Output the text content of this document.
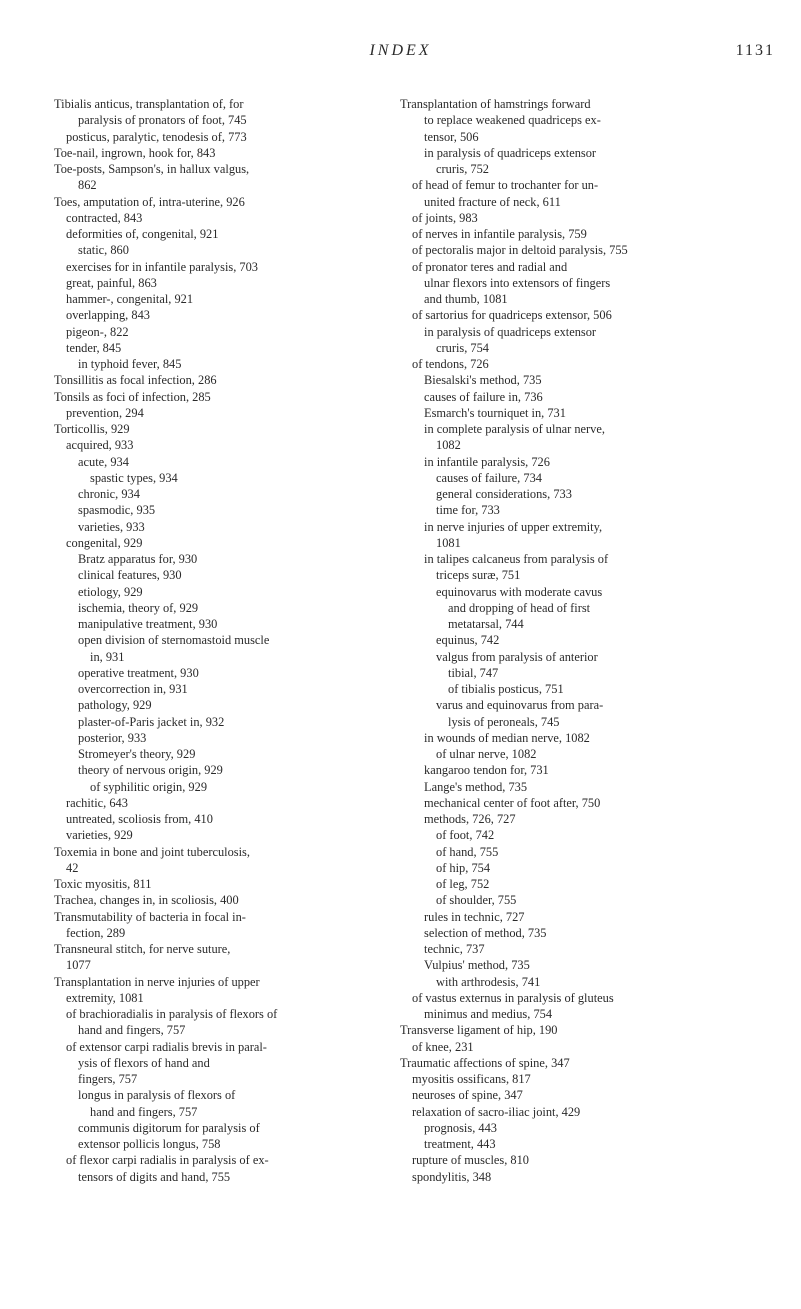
INDEX	1131
Tibialis anticus, transplantation of, for
paralysis of pronators of foot, 745
posticus, paralytic, tenodesis of, 773
Toe-nail, ingrown, hook for, 843
Toe-posts, Sampson's, in hallux valgus,
862
Toes, amputation of, intra-uterine, 926
contracted, 843
deformities of, congenital, 921
static, 860
exercises for in infantile paralysis, 703
great, painful, 863
hammer-, congenital, 921
overlapping, 843
pigeon-, 822
tender, 845
in typhoid fever, 845
Tonsillitis as focal infection, 286
Tonsils as foci of infection, 285
prevention, 294
Torticollis, 929
acquired, 933
acute, 934
spastic types, 934
chronic, 934
spasmodic, 935
varieties, 933
congenital, 929
Bratz apparatus for, 930
clinical features, 930
etiology, 929
ischemia, theory of, 929
manipulative treatment, 930
open division of sternomastoid muscle
in, 931
operative treatment, 930
overcorrection in, 931
pathology, 929
plaster-of-Paris jacket in, 932
posterior, 933
Stromeyer's theory, 929
theory of nervous origin, 929
of syphilitic origin, 929
rachitic, 643
untreated, scoliosis from, 410
varieties, 929
Toxemia in bone and joint tuberculosis,
42
Toxic myositis, 811
Trachea, changes in, in scoliosis, 400
Transmutability of bacteria in focal in-
fection, 289
Transneural stitch, for nerve suture,
1077
Transplantation in nerve injuries of upper
extremity, 1081
of brachioradialis in paralysis of flexors of
hand and fingers, 757
of extensor carpi radialis brevis in paral-
ysis of flexors of hand and
fingers, 757
longus in paralysis of flexors of
hand and fingers, 757
communis digitorum for paralysis of
extensor pollicis longus, 758
of flexor carpi radialis in paralysis of ex-
tensors of digits and hand, 755
Transplantation of hamstrings forward
to replace weakened quadriceps ex-
tensor, 506
in paralysis of quadriceps extensor
cruris, 752
of head of femur to trochanter for un-
united fracture of neck, 611
of joints, 983
of nerves in infantile paralysis, 759
of pectoralis major in deltoid paralysis, 755
of pronator teres and radial and
ulnar flexors into extensors of fingers
and thumb, 1081
of sartorius for quadriceps extensor, 506
in paralysis of quadriceps extensor
cruris, 754
of tendons, 726
Biesalski's method, 735
causes of failure in, 736
Esmarch's tourniquet in, 731
in complete paralysis of ulnar nerve,
1082
in infantile paralysis, 726
causes of failure, 734
general considerations, 733
time for, 733
in nerve injuries of upper extremity,
1081
in talipes calcaneus from paralysis of
triceps suræ, 751
equinovarus with moderate cavus
and dropping of head of first
metatarsal, 744
equinus, 742
valgus from paralysis of anterior
tibial, 747
of tibialis posticus, 751
varus and equinovarus from para-
lysis of peroneals, 745
in wounds of median nerve, 1082
of ulnar nerve, 1082
kangaroo tendon for, 731
Lange's method, 735
mechanical center of foot after, 750
methods, 726, 727
of foot, 742
of hand, 755
of hip, 754
of leg, 752
of shoulder, 755
rules in technic, 727
selection of method, 735
technic, 737
Vulpius' method, 735
with arthrodesis, 741
of vastus externus in paralysis of gluteus
minimus and medius, 754
Transverse ligament of hip, 190
of knee, 231
Traumatic affections of spine, 347
myositis ossificans, 817
neuroses of spine, 347
relaxation of sacro-iliac joint, 429
prognosis, 443
treatment, 443
rupture of muscles, 810
spondylitis, 348
